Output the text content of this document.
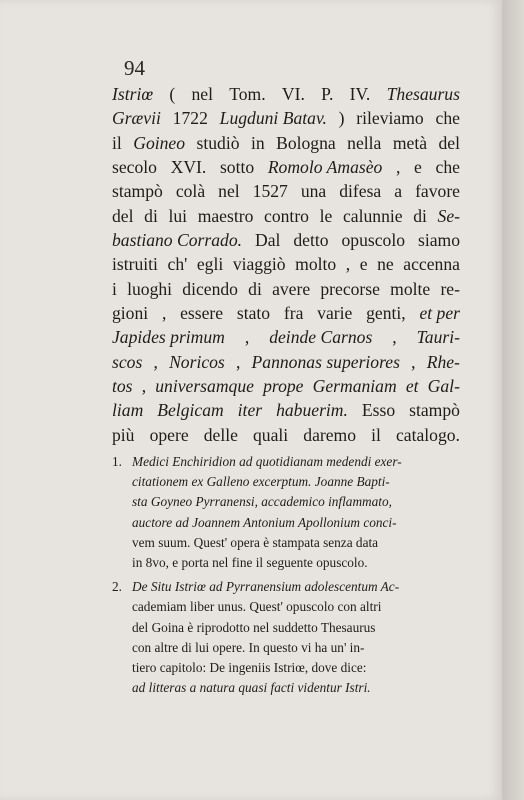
94
Istriœ ( nel Tom. VI. P. IV. Thesaurus
Grævii 1722 Lugduni Batav. ) rileviamo che
il Goineo studiò in Bologna nella metà del
secolo XVI. sotto Romolo Amasèo , e che
stampò colà nel 1527 una difesa a favore
del di lui maestro contro le calunnie di Se-
bastiano Corrado. Dal detto opuscolo siamo
istruiti ch' egli viaggiò molto , e ne accenna
i luoghi dicendo di avere precorse molte re-
gioni , essere stato fra varie genti, et per
Japides primum , deinde Carnos , Tauri-
scos , Noricos , Pannonas superiores , Rhe-
tos , universamque prope Germaniam et Gal-
liam Belgicam iter habuerim. Esso stampò
più opere delle quali daremo il catalogo.
1. Medici Enchiridion ad quotidianam medendi exer-
citationem ex Galleno excerptum. Joanne Bapti-
sta Goyneo Pyrranensi, accademico inflammato,
auctore ad Joannem Antonium Apollonium conci-
vem suum. Quest' opera è stampata senza data
in 8vo, e porta nel fine il seguente opuscolo.
2. De Situ Istriœ ad Pyrranensium adolescentum Ac-
cademiam liber unus. Quest' opuscolo con altri
del Goina è riprodotto nel suddetto Thesaurus
con altre di lui opere. In questo vi ha un' in-
tiero capitolo: De ingeniis Istriœ, dove dice:
ad litteras a natura quasi facti videntur Istri.
